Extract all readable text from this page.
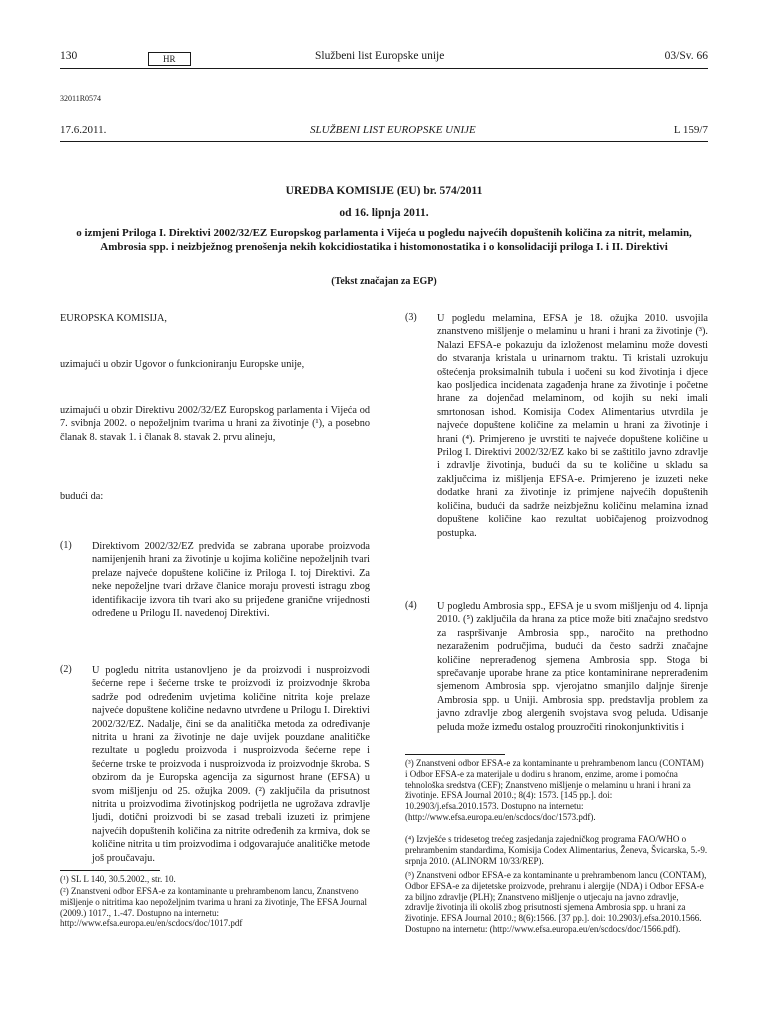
130	HR	Službeni list Europske unije	03/Sv. 66
32011R0574
17.6.2011.	SLUŽBENI LIST EUROPSKE UNIJE	L 159/7
UREDBA KOMISIJE (EU) br. 574/2011
od 16. lipnja 2011.
o izmjeni Priloga I. Direktivi 2002/32/EZ Europskog parlamenta i Vijeća u pogledu najvećih dopuštenih količina za nitrit, melamin, Ambrosia spp. i neizbježnog prenošenja nekih kokcidiostatika i histomonostatika i o konsolidaciji priloga I. i II. Direktivi
(Tekst značajan za EGP)
EUROPSKA KOMISIJA,
uzimajući u obzir Ugovor o funkcioniranju Europske unije,
uzimajući u obzir Direktivu 2002/32/EZ Europskog parlamenta i Vijeća od 7. svibnja 2002. o nepoželjnim tvarima u hrani za životinje (¹), a posebno članak 8. stavak 1. i članak 8. stavak 2. prvu alineju,
budući da:
(1) Direktivom 2002/32/EZ predviđa se zabrana uporabe proizvoda namijenjenih hrani za životinje u kojima količine nepoželjnih tvari prelaze najveće dopuštene količine iz Priloga I. toj Direktivi. Za neke nepoželjne tvari države članice moraju provesti istragu zbog identifikacije izvora tih tvari ako su prijeđene granične vrijednosti određene u Prilogu II. navedenoj Direktivi.
(2) U pogledu nitrita ustanovljeno je da proizvodi i nusproizvodi šećerne repe i šećerne trske te proizvodi iz proizvodnje škroba sadrže pod određenim uvjetima količine nitrita koje prelaze najveće dopuštene količine nedavno utvrđene u Prilogu I. Direktivi 2002/32/EZ. Nadalje, čini se da analitička metoda za određivanje nitrita u hrani za životinje ne daje uvijek pouzdane analitičke rezultate u pogledu proizvoda i nusproizvoda šećerne repe i šećerne trske te proizvoda i nusproizvoda iz proizvodnje škroba. S obzirom da je Europska agencija za sigurnost hrane (EFSA) u svom mišljenju od 25. ožujka 2009. (²) zaključila da prisutnost nitrita u proizvodima životinjskog podrijetla ne ugrožava zdravlje ljudi, dotični proizvodi bi se zasad trebali izuzeti iz primjene najvećih dopuštenih količina za nitrite određenih za krmiva, dok se količine nitrita u tim proizvodima i odgovarajuće analitičke metode još proučavaju.
(¹) SL L 140, 30.5.2002., str. 10.
(²) Znanstveni odbor EFSA-e za kontaminante u prehrambenom lancu, Znanstveno mišljenje o nitritima kao nepoželjnim tvarima u hrani za životinje, The EFSA Journal (2009.) 1017., 1.-47. Dostupno na internetu: http://www.efsa.europa.eu/en/scdocs/doc/1017.pdf
(3) U pogledu melamina, EFSA je 18. ožujka 2010. usvojila znanstveno mišljenje o melaminu u hrani i hrani za životinje (³). Nalazi EFSA-e pokazuju da izloženost melaminu može dovesti do stvaranja kristala u urinarnom traktu. Ti kristali uzrokuju oštećenja proksimalnih tubula i uočeni su kod životinja i djece kao posljedica incidenata zagađenja hrane za životinje i početne hrane za dojenčad melaminom, od kojih su neki imali smrtonosan ishod. Komisija Codex Alimentarius utvrdila je najveće dopuštene količine za melamin u hrani za životinje i hrani (⁴). Primjereno je uvrstiti te najveće dopuštene količine u Prilog I. Direktivi 2002/32/EZ kako bi se zaštitilo javno zdravlje i zdravlje životinja, budući da su te količine u skladu sa zaključcima iz mišljenja EFSA-e. Primjereno je izuzeti neke dodatke hrani za životinje iz primjene najvećih dopuštenih količina, budući da sadrže neizbježnu količinu melamina iznad dopuštene količine kao rezultat uobičajenog proizvodnog postupka.
(4) U pogledu Ambrosia spp., EFSA je u svom mišljenju od 4. lipnja 2010. (⁵) zaključila da hrana za ptice može biti značajno sredstvo za raspršivanje Ambrosia spp., naročito na prethodno nezaraženim područjima, budući da često sadrži značajne količine neprerađenog sjemena Ambrosia spp. Stoga bi sprečavanje uporabe hrane za ptice kontaminirane neprerađenim sjemenom Ambrosia spp. vjerojatno smanjilo daljnje širenje Ambrosia spp. u Uniji. Ambrosia spp. predstavlja problem za javno zdravlje zbog alergenih svojstava svog peluda. Udisanje peluda može između ostalog prouzročiti rinokonjunktivitis i
(³) Znanstveni odbor EFSA-e za kontaminante u prehrambenom lancu (CONTAM) i Odbor EFSA-e za materijale u dodiru s hranom, enzime, arome i pomoćna tehnološka sredstva (CEF); Znanstveno mišljenje o melaminu u hrani i hrani za životinje. EFSA Journal 2010.; 8(4): 1573. [145 pp.]. doi: 10.2903/j.efsa.2010.1573. Dostupno na internetu: (http://www.efsa.europa.eu/en/scdocs/doc/1573.pdf).
(⁴) Izvješće s tridesetog trećeg zasjedanja zajedničkog programa FAO/WHO o prehrambenim standardima, Komisija Codex Alimentarius, Ženeva, Švicarska, 5.-9. srpnja 2010. (ALINORM 10/33/REP).
(⁵) Znanstveni odbor EFSA-e za kontaminante u prehrambenom lancu (CONTAM), Odbor EFSA-e za dijetetske proizvode, prehranu i alergije (NDA) i Odbor EFSA-e za biljno zdravlje (PLH); Znanstveno mišljenje o utjecaju na javno zdravlje, zdravlje životinja ili okoliš zbog prisutnosti sjemena Ambrosia spp. u hrani za životinje. EFSA Journal 2010.; 8(6):1566. [37 pp.]. doi: 10.2903/j.efsa.2010.1566. Dostupno na internetu: (http://www.efsa.europa.eu/en/scdocs/doc/1566.pdf).
